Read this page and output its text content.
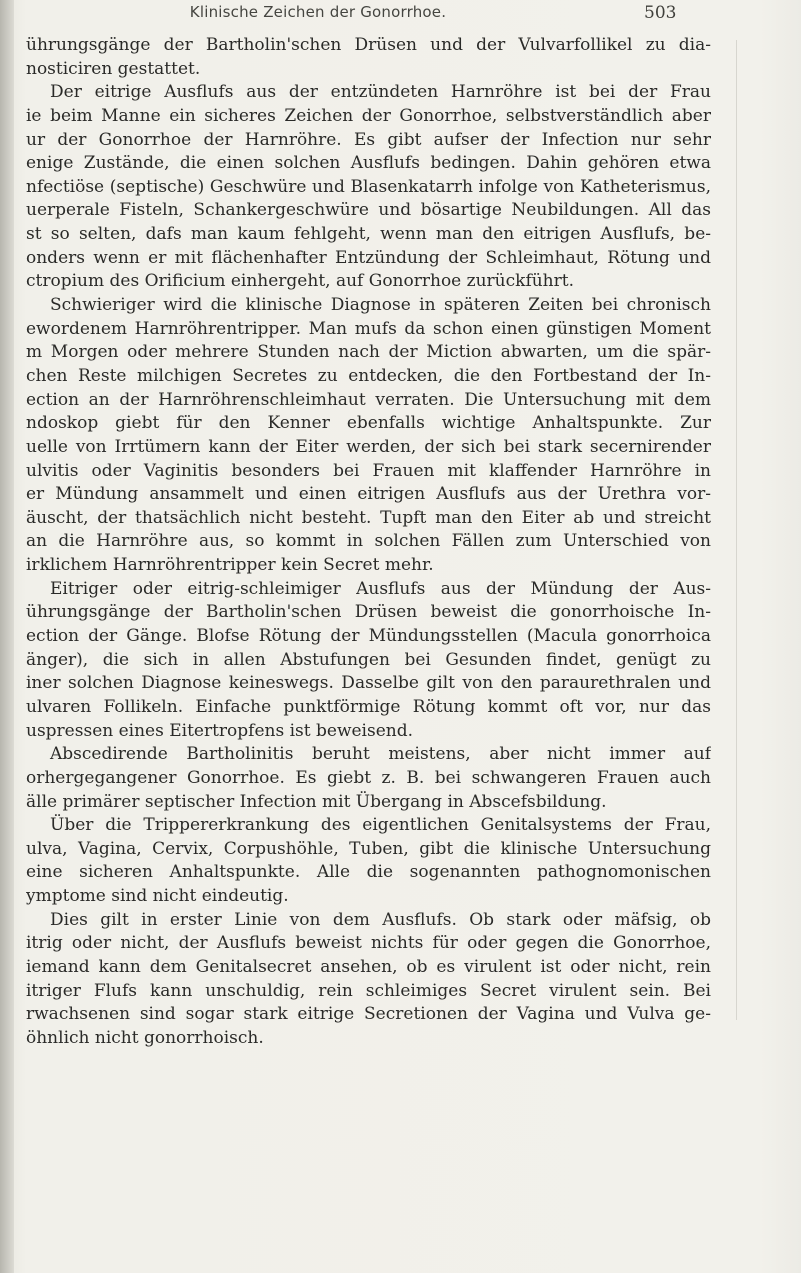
Klinische Zeichen der Gonorrhoe.	503
ührungsgänge der Bartholin'schen Drüsen und der Vulvarfollikel zu dia-
nosticiren gestattet.
Der eitrige Ausflufs aus der entzündeten Harnröhre ist bei der Frau
ie beim Manne ein sicheres Zeichen der Gonorrhoe, selbstverständlich aber
ur der Gonorrhoe der Harnröhre. Es gibt aufser der Infection nur sehr
enige Zustände, die einen solchen Ausflufs bedingen. Dahin gehören etwa
nfectiöse (septische) Geschwüre und Blasenkatarrh infolge von Katheterismus,
uerperale Fisteln, Schankergeschwüre und bösartige Neubildungen. All das
st so selten, dafs man kaum fehlgeht, wenn man den eitrigen Ausflufs, be-
onders wenn er mit flächenhafter Entzündung der Schleimhaut, Rötung und
ctropium des Orificium einhergeht, auf Gonorrhoe zurückführt.
Schwieriger wird die klinische Diagnose in späteren Zeiten bei chronisch
ewordenem Harnröhrentripper. Man mufs da schon einen günstigen Moment
m Morgen oder mehrere Stunden nach der Miction abwarten, um die spär-
chen Reste milchigen Secretes zu entdecken, die den Fortbestand der In-
ection an der Harnröhrenschleimhaut verraten. Die Untersuchung mit dem
ndoskop giebt für den Kenner ebenfalls wichtige Anhaltspunkte. Zur
uelle von Irrtümern kann der Eiter werden, der sich bei stark secernirender
ulvitis oder Vaginitis besonders bei Frauen mit klaffender Harnröhre in
er Mündung ansammelt und einen eitrigen Ausflufs aus der Urethra vor-
äuscht, der thatsächlich nicht besteht. Tupft man den Eiter ab und streicht
an die Harnröhre aus, so kommt in solchen Fällen zum Unterschied von
irklichem Harnröhrentripper kein Secret mehr.
Eitriger oder eitrig-schleimiger Ausflufs aus der Mündung der Aus-
ührungsgänge der Bartholin'schen Drüsen beweist die gonorrhoische In-
ection der Gänge. Blofse Rötung der Mündungsstellen (Macula gonorrhoica
änger), die sich in allen Abstufungen bei Gesunden findet, genügt zu
iner solchen Diagnose keineswegs. Dasselbe gilt von den paraurethralen und
ulvaren Follikeln. Einfache punktförmige Rötung kommt oft vor, nur das
uspressen eines Eitertropfens ist beweisend.
Abscedirende Bartholinitis beruht meistens, aber nicht immer auf
orhergegangener Gonorrhoe. Es giebt z. B. bei schwangeren Frauen auch
älle primärer septischer Infection mit Übergang in Abscefsbildung.
Über die Trippererkrankung des eigentlichen Genitalsystems der Frau,
ulva, Vagina, Cervix, Corpushöhle, Tuben, gibt die klinische Untersuchung
eine sicheren Anhaltspunkte. Alle die sogenannten pathognomonischen
ymptome sind nicht eindeutig.
Dies gilt in erster Linie von dem Ausflufs. Ob stark oder mäfsig, ob
itrig oder nicht, der Ausflufs beweist nichts für oder gegen die Gonorrhoe,
iemand kann dem Genitalsecret ansehen, ob es virulent ist oder nicht, rein
itriger Flufs kann unschuldig, rein schleimiges Secret virulent sein. Bei
rwachsenen sind sogar stark eitrige Secretionen der Vagina und Vulva ge-
öhnlich nicht gonorrhoisch.
